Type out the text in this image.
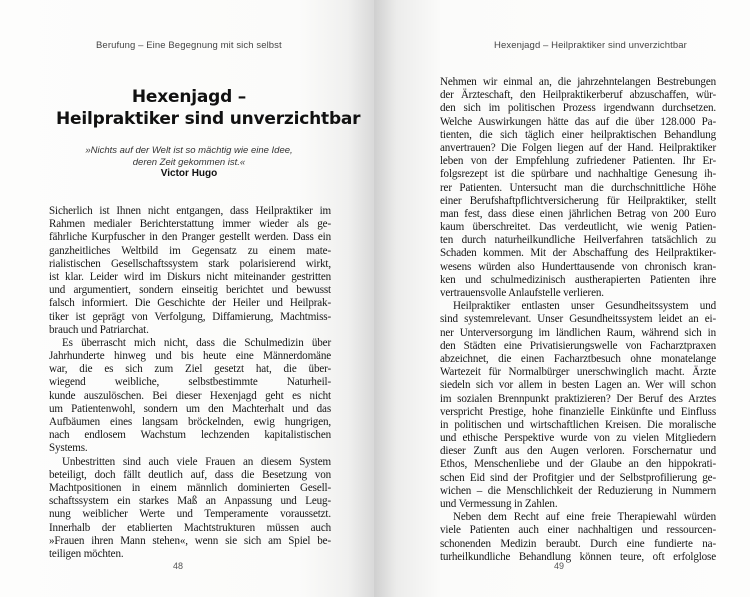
Berufung – Eine Begegnung mit sich selbst
Hexenjagd –
Heilpraktiker sind unverzichtbar
»Nichts auf der Welt ist so mächtig wie eine Idee,
deren Zeit gekommen ist.«
Victor Hugo
Sicherlich ist Ihnen nicht entgangen, dass Heilpraktiker im
Rahmen medialer Berichterstattung immer wieder als ge-
fährliche Kurpfuscher in den Pranger gestellt werden. Dass ein
ganzheitliches Weltbild im Gegensatz zu einem mate-
rialistischen Gesellschaftssystem stark polarisierend wirkt,
ist klar. Leider wird im Diskurs nicht miteinander gestritten
und argumentiert, sondern einseitig berichtet und bewusst
falsch informiert. Die Geschichte der Heiler und Heilprak-
tiker ist geprägt von Verfolgung, Diffamierung, Machtmiss-
brauch und Patriarchat.
Es überrascht mich nicht, dass die Schulmedizin über
Jahrhunderte hinweg und bis heute eine Männerdomäne
war, die es sich zum Ziel gesetzt hat, die über-
wiegend weibliche, selbstbestimmte Naturheil-
kunde auszulöschen. Bei dieser Hexenjagd geht es nicht
um Patientenwohl, sondern um den Machterhalt und das
Aufbäumen eines langsam bröckelnden, ewig hungrigen,
nach endlosem Wachstum lechzenden kapitalistischen
Systems.
Unbestritten sind auch viele Frauen an diesem System
beteiligt, doch fällt deutlich auf, dass die Besetzung von
Machtpositionen in einem männlich dominierten Gesell-
schaftssystem ein starkes Maß an Anpassung und Leug-
nung weiblicher Werte und Temperamente voraussetzt.
Innerhalb der etablierten Machtstrukturen müssen auch
»Frauen ihren Mann stehen«, wenn sie sich am Spiel be-
teiligen möchten.
48
Hexenjagd – Heilpraktiker sind unverzichtbar
Nehmen wir einmal an, die jahrzehntelangen Bestrebungen
der Ärzteschaft, den Heilpraktikerberuf abzuschaffen, wür-
den sich im politischen Prozess irgendwann durchsetzen.
Welche Auswirkungen hätte das auf die über 128.000 Pa-
tienten, die sich täglich einer heilpraktischen Behandlung
anvertrauen? Die Folgen liegen auf der Hand. Heilpraktiker
leben von der Empfehlung zufriedener Patienten. Ihr Er-
folgsrezept ist die spürbare und nachhaltige Genesung ih-
rer Patienten. Untersucht man die durchschnittliche Höhe
einer Berufshaftpflichtversicherung für Heilpraktiker, stellt
man fest, dass diese einen jährlichen Betrag von 200 Euro
kaum überschreitet. Das verdeutlicht, wie wenig Patien-
ten durch naturheilkundliche Heilverfahren tatsächlich zu
Schaden kommen. Mit der Abschaffung des Heilpraktiker-
wesens würden also Hunderttausende von chronisch kran-
ken und schulmedizinisch austherapierten Patienten ihre
vertrauensvolle Anlaufstelle verlieren.
Heilpraktiker entlasten unser Gesundheitssystem und
sind systemrelevant. Unser Gesundheitssystem leidet an ei-
ner Unterversorgung im ländlichen Raum, während sich in
den Städten eine Privatisierungswelle von Facharztpraxen
abzeichnet, die einen Facharztbesuch ohne monatelange
Wartezeit für Normalbürger unerschwinglich macht. Ärzte
siedeln sich vor allem in besten Lagen an. Wer will schon
im sozialen Brennpunkt praktizieren? Der Beruf des Arztes
verspricht Prestige, hohe finanzielle Einkünfte und Einfluss
in politischen und wirtschaftlichen Kreisen. Die moralische
und ethische Perspektive wurde von zu vielen Mitgliedern
dieser Zunft aus den Augen verloren. Forschernatur und
Ethos, Menschenliebe und der Glaube an den hippokrati-
schen Eid sind der Profitgier und der Selbstprofilierung ge-
wichen – die Menschlichkeit der Reduzierung in Nummern
und Vermessung in Zahlen.
Neben dem Recht auf eine freie Therapiewahl würden
viele Patienten auch einer nachhaltigen und ressourcen-
schonenden Medizin beraubt. Durch eine fundierte na-
turheilkundliche Behandlung können teure, oft erfolglose
49
